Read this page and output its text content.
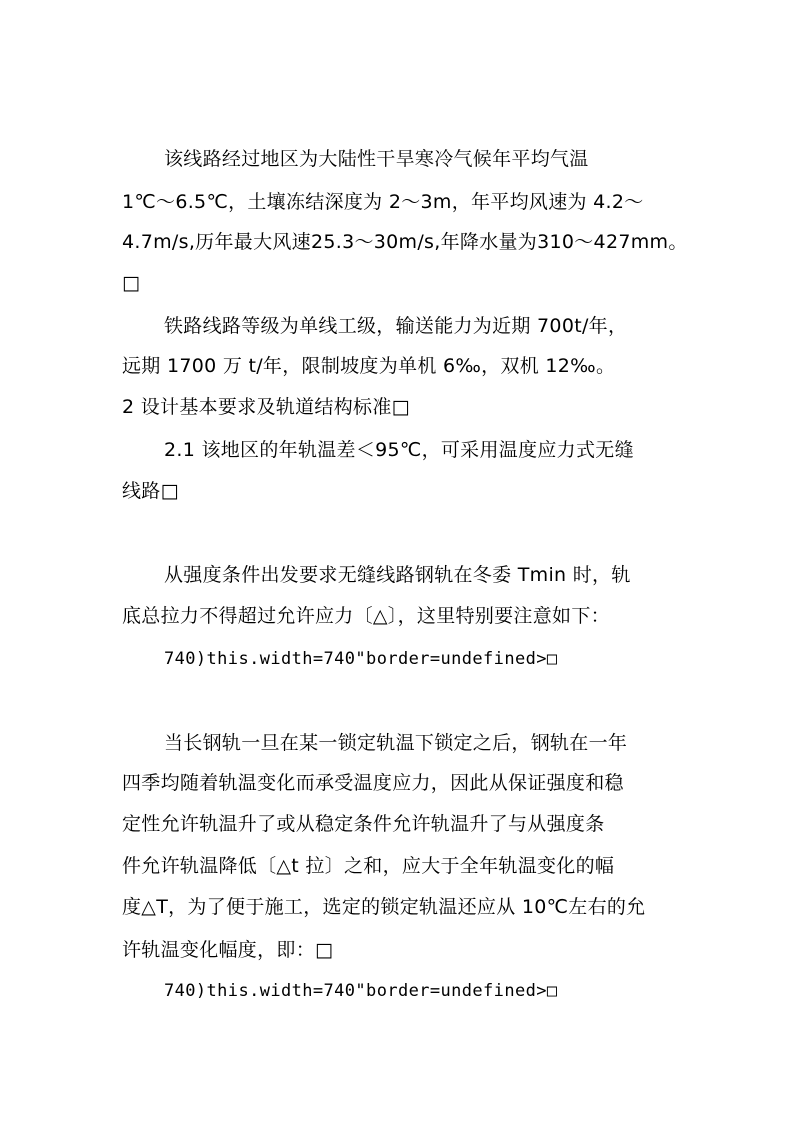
该线路经过地区为大陆性干旱寒冷气候年平均气温
1℃～6.5℃，土壤冻结深度为 2～3m，年平均风速为 4.2～
4.7m/s,历年最大风速25.3～30m/s,年降水量为310～427mm。
□
铁路线路等级为单线工级，输送能力为近期 700t/年，
远期 1700 万 t/年，限制坡度为单机 6‰，双机 12‰。
2 设计基本要求及轨道结构标准□
2.1 该地区的年轨温差＜95℃，可采用温度应力式无缝
线路□
从强度条件出发要求无缝线路钢轨在冬委 Tmin 时，轨
底总拉力不得超过允许应力〔△〕，这里特别要注意如下：
740)this.width=740"border=undefined>□
当长钢轨一旦在某一锁定轨温下锁定之后，钢轨在一年
四季均随着轨温变化而承受温度应力，因此从保证强度和稳
定性允许轨温升了或从稳定条件允许轨温升了与从强度条
件允许轨温降低〔△t 拉〕之和，应大于全年轨温变化的幅
度△T，为了便于施工，选定的锁定轨温还应从 10℃左右的允
许轨温变化幅度，即：□
740)this.width=740"border=undefined>□
